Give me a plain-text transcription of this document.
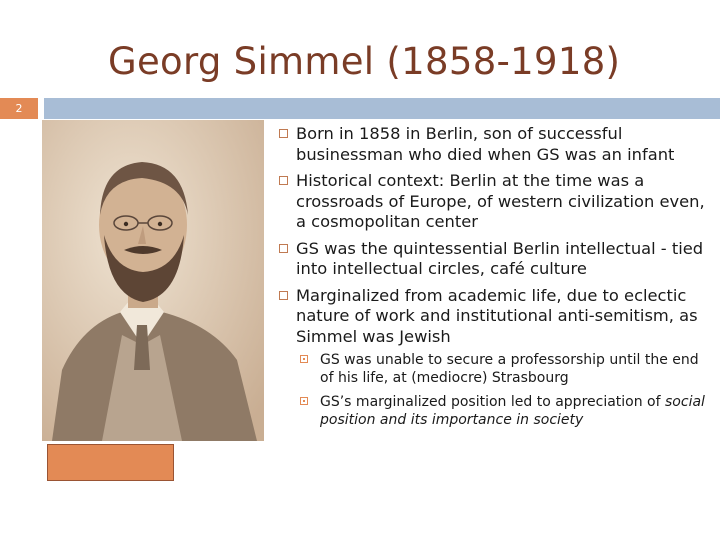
Georg Simmel (1858-1918)
2
Born in 1858 in Berlin, son of successful businessman who died when GS was an infant
Historical context: Berlin at the time was a crossroads of Europe, of western civilization even, a cosmopolitan center
GS was the quintessential Berlin intellectual - tied into intellectual circles, café culture
Marginalized from academic life, due to eclectic nature of work and institutional anti-semitism, as Simmel was Jewish
GS was unable to secure a professorship until the end of his life, at (mediocre) Strasbourg
GS’s marginalized position led to appreciation of social position and its importance in society
